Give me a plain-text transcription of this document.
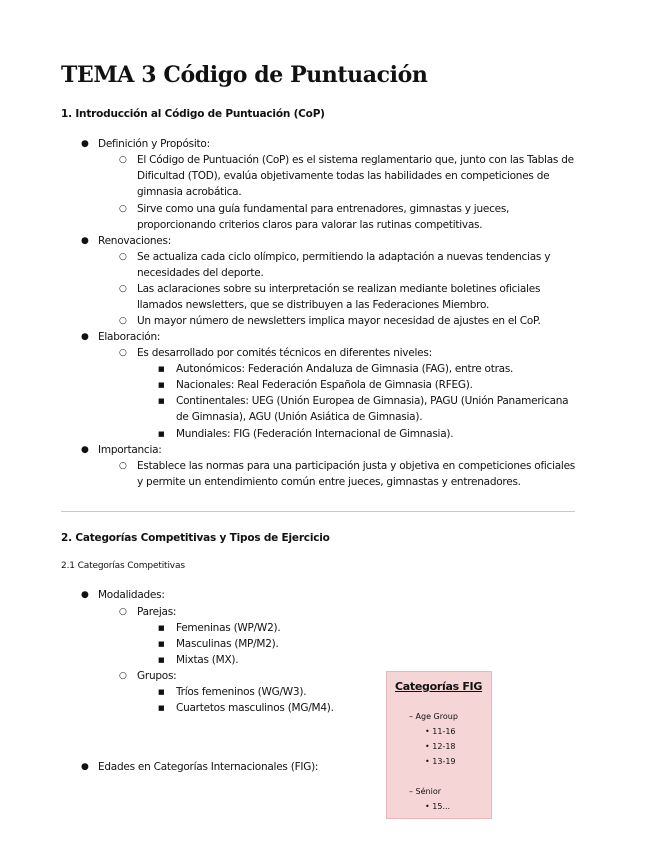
TEMA 3 Código de Puntuación
1. Introducción al Código de Puntuación (CoP)
● Definición y Propósito:
○ El Código de Puntuación (CoP) es el sistema reglamentario que, junto con las Tablas de
Dificultad (TOD), evalúa objetivamente todas las habilidades en competiciones de
gimnasia acrobática.
○ Sirve como una guía fundamental para entrenadores, gimnastas y jueces,
proporcionando criterios claros para valorar las rutinas competitivas.
● Renovaciones:
○ Se actualiza cada ciclo olímpico, permitiendo la adaptación a nuevas tendencias y
necesidades del deporte.
○ Las aclaraciones sobre su interpretación se realizan mediante boletines oficiales
llamados newsletters, que se distribuyen a las Federaciones Miembro.
○ Un mayor número de newsletters implica mayor necesidad de ajustes en el CoP.
● Elaboración:
○ Es desarrollado por comités técnicos en diferentes niveles:
■ Autonómicos: Federación Andaluza de Gimnasia (FAG), entre otras.
■ Nacionales: Real Federación Española de Gimnasia (RFEG).
■ Continentales: UEG (Unión Europea de Gimnasia), PAGU (Unión Panamericana
de Gimnasia), AGU (Unión Asiática de Gimnasia).
■ Mundiales: FIG (Federación Internacional de Gimnasia).
● Importancia:
○ Establece las normas para una participación justa y objetiva en competiciones oficiales
y permite un entendimiento común entre jueces, gimnastas y entrenadores.
2. Categorías Competitivas y Tipos de Ejercicio
2.1 Categorías Competitivas
● Modalidades:
○ Parejas:
■ Femeninas (WP/W2).
■ Masculinas (MP/M2).
■ Mixtas (MX).
○ Grupos:
■ Tríos femeninos (WG/W3).
■ Cuartetos masculinos (MG/M4).
● Edades en Categorías Internacionales (FIG):
Categorías FIG
– Age Group
• 11-16
• 12-18
• 13-19
– Sénior
• 15...
